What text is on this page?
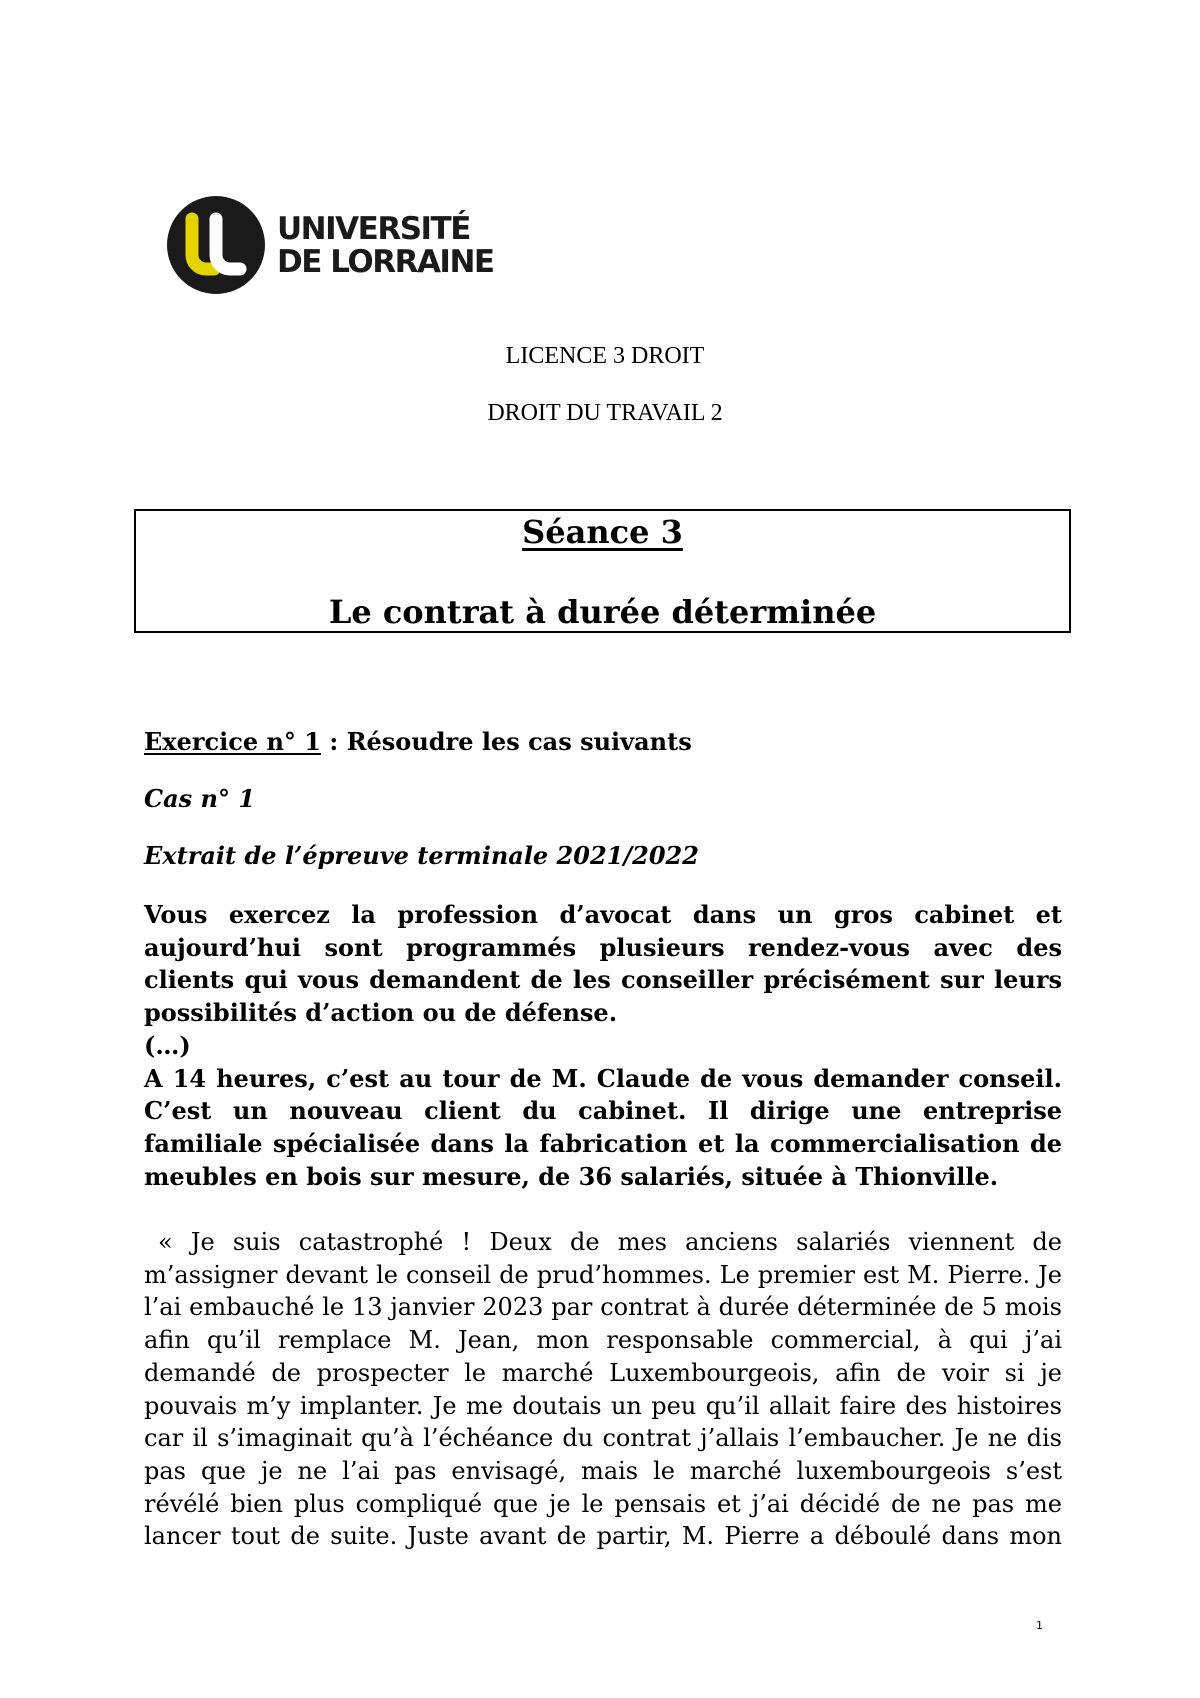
UNIVERSITÉ
DE LORRAINE
LICENCE 3 DROIT
DROIT DU TRAVAIL 2
Séance 3
Le contrat à durée déterminée
Exercice n° 1 : Résoudre les cas suivants
Cas n° 1
Extrait de l’épreuve terminale 2021/2022

Vous exercez la profession d’avocat dans un gros cabinet et aujourd’hui sont programmés plusieurs rendez-vous avec des clients qui vous demandent de les conseiller précisément sur leurs possibilités d’action ou de défense.

(…)

A 14 heures, c’est au tour de M. Claude de vous demander conseil. C’est un nouveau client du cabinet. Il dirige une entreprise familiale spécialisée dans la fabrication et la commercialisation de meubles en bois sur mesure, de 36 salariés, située à Thionville.

« Je suis catastrophé ! Deux de mes anciens salariés viennent de m’assigner devant le conseil de prud’hommes. Le premier est M. Pierre. Je l’ai embauché le 13 janvier 2023 par contrat à durée déterminée de 5 mois afin qu’il remplace M. Jean, mon responsable commercial, à qui j’ai demandé de prospecter le marché Luxembourgeois, afin de voir si je pouvais m’y implanter. Je me doutais un peu qu’il allait faire des histoires car il s’imaginait qu’à l’échéance du contrat j’allais l’embaucher. Je ne dis pas que je ne l’ai pas envisagé, mais le marché luxembourgeois s’est révélé bien plus compliqué que je le pensais et j’ai décidé de ne pas me lancer tout de suite. Juste avant de partir, M. Pierre a déboulé dans mon

1
